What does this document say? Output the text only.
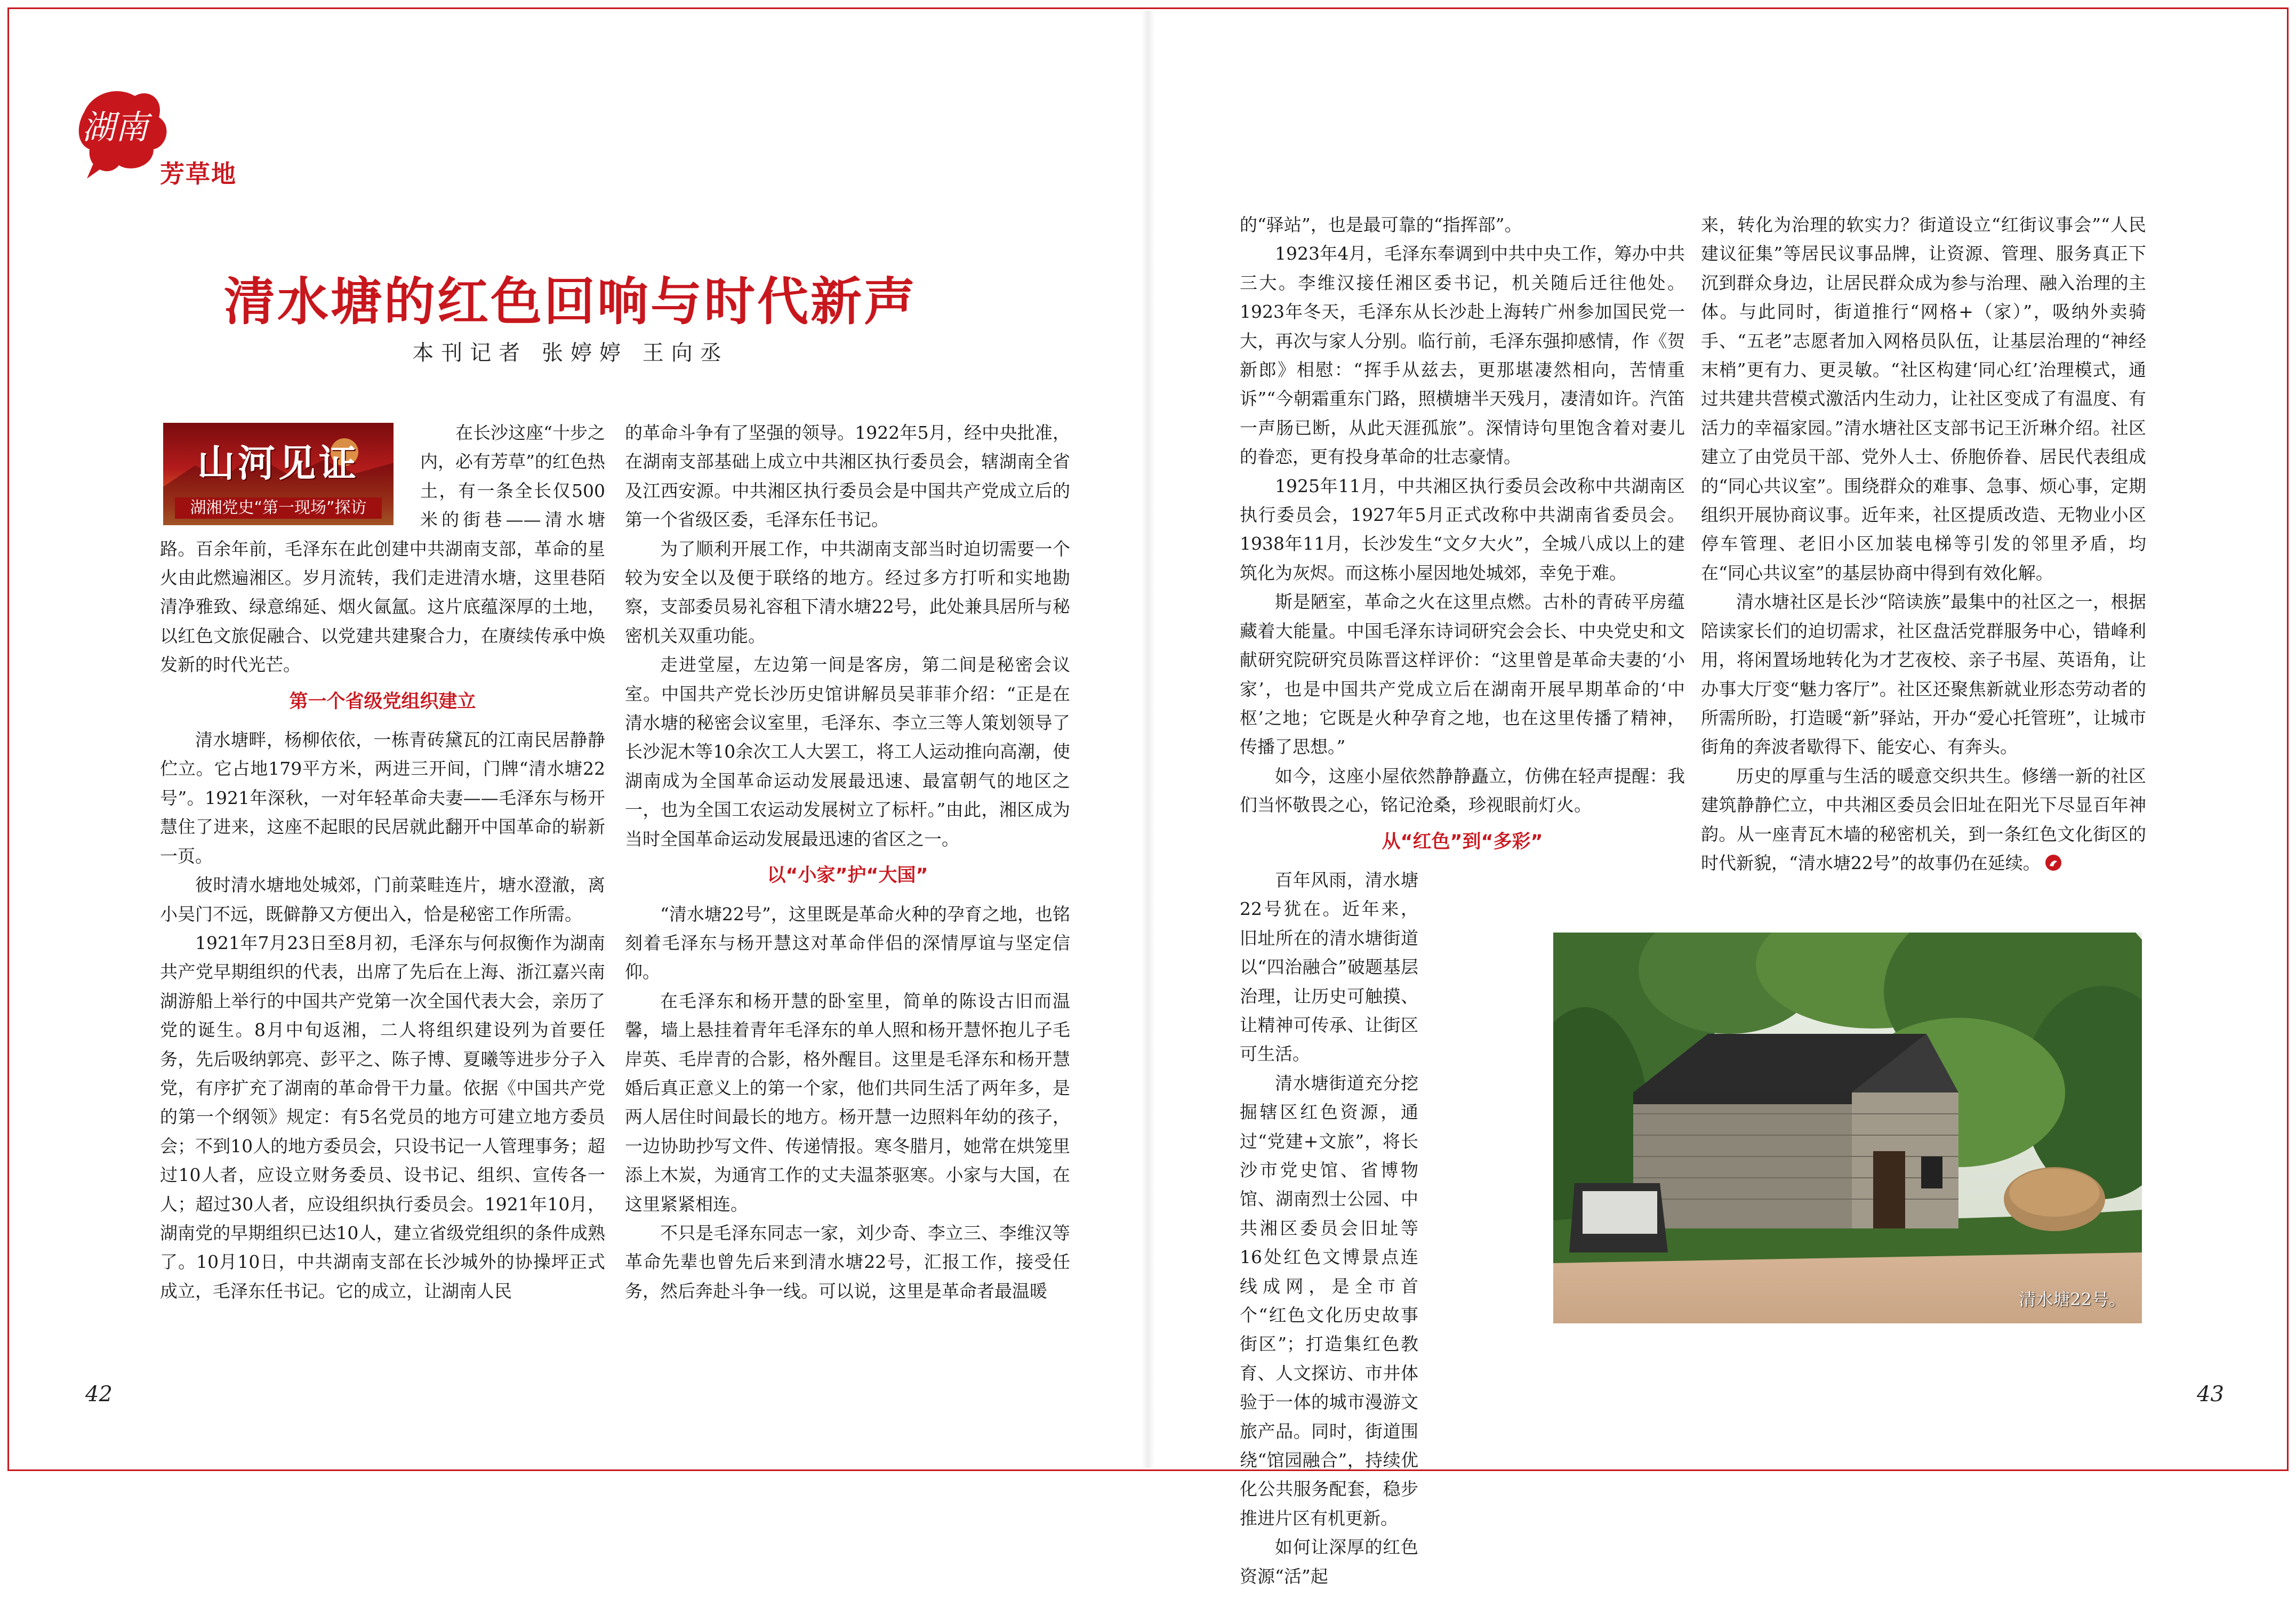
湖南
芳草地
清水塘的红色回响与时代新声
本刊记者 张婷婷 王向丞
山河见证
湖湘党史“第一现场”探访

在长沙这座“十步之内，必有芳草”的红色热土，有一条全长仅500米的街巷——清水塘路。百余年前，毛泽东在此创建中共湖南支部，革命的星火由此燃遍湘区。岁月流转，我们走进清水塘，这里巷陌清净雅致、绿意绵延、烟火氤氲。这片底蕴深厚的土地，以红色文旅促融合、以党建共建聚合力，在赓续传承中焕发新的时代光芒。

第一个省级党组织建立

清水塘畔，杨柳依依，一栋青砖黛瓦的江南民居静静伫立。它占地179平方米，两进三开间，门牌“清水塘22号”。1921年深秋，一对年轻革命夫妻——毛泽东与杨开慧住了进来，这座不起眼的民居就此翻开中国革命的崭新一页。

彼时清水塘地处城郊，门前菜畦连片，塘水澄澈，离小吴门不远，既僻静又方便出入，恰是秘密工作所需。

1921年7月23日至8月初，毛泽东与何叔衡作为湖南共产党早期组织的代表，出席了先后在上海、浙江嘉兴南湖游船上举行的中国共产党第一次全国代表大会，亲历了党的诞生。8月中旬返湘，二人将组织建设列为首要任务，先后吸纳郭亮、彭平之、陈子博、夏曦等进步分子入党，有序扩充了湖南的革命骨干力量。依据《中国共产党的第一个纲领》规定：有5名党员的地方可建立地方委员会；不到10人的地方委员会，只设书记一人管理事务；超过10人者，应设立财务委员、设书记、组织、宣传各一人；超过30人者，应设组织执行委员会。1921年10月，湖南党的早期组织已达10人，建立省级党组织的条件成熟了。10月10日，中共湖南支部在长沙城外的协操坪正式成立，毛泽东任书记。它的成立，让湖南人民

的革命斗争有了坚强的领导。1922年5月，经中央批准，在湖南支部基础上成立中共湘区执行委员会，辖湖南全省及江西安源。中共湘区执行委员会是中国共产党成立后的第一个省级区委，毛泽东任书记。

为了顺利开展工作，中共湖南支部当时迫切需要一个较为安全以及便于联络的地方。经过多方打听和实地勘察，支部委员易礼容租下清水塘22号，此处兼具居所与秘密机关双重功能。

走进堂屋，左边第一间是客房，第二间是秘密会议室。中国共产党长沙历史馆讲解员吴菲菲介绍：“正是在清水塘的秘密会议室里，毛泽东、李立三等人策划领导了长沙泥木等10余次工人大罢工，将工人运动推向高潮，使湖南成为全国革命运动发展最迅速、最富朝气的地区之一，也为全国工农运动发展树立了标杆。”由此，湘区成为当时全国革命运动发展最迅速的省区之一。

以“小家”护“大国”

“清水塘22号”，这里既是革命火种的孕育之地，也铭刻着毛泽东与杨开慧这对革命伴侣的深情厚谊与坚定信仰。

在毛泽东和杨开慧的卧室里，简单的陈设古旧而温馨，墙上悬挂着青年毛泽东的单人照和杨开慧怀抱儿子毛岸英、毛岸青的合影，格外醒目。这里是毛泽东和杨开慧婚后真正意义上的第一个家，他们共同生活了两年多，是两人居住时间最长的地方。杨开慧一边照料年幼的孩子，一边协助抄写文件、传递情报。寒冬腊月，她常在烘笼里添上木炭，为通宵工作的丈夫温茶驱寒。小家与大国，在这里紧紧相连。

不只是毛泽东同志一家，刘少奇、李立三、李维汉等革命先辈也曾先后来到清水塘22号，汇报工作，接受任务，然后奔赴斗争一线。可以说，这里是革命者最温暖

的“驿站”，也是最可靠的“指挥部”。

1923年4月，毛泽东奉调到中共中央工作，筹办中共三大。李维汉接任湘区委书记，机关随后迁往他处。1923年冬天，毛泽东从长沙赴上海转广州参加国民党一大，再次与家人分别。临行前，毛泽东强抑感情，作《贺新郎》相慰：“挥手从兹去，更那堪凄然相向，苦情重诉”“今朝霜重东门路，照横塘半天残月，凄清如许。汽笛一声肠已断，从此天涯孤旅”。深情诗句里饱含着对妻儿的眷恋，更有投身革命的壮志豪情。

1925年11月，中共湘区执行委员会改称中共湖南区执行委员会，1927年5月正式改称中共湖南省委员会。1938年11月，长沙发生“文夕大火”，全城八成以上的建筑化为灰烬。而这栋小屋因地处城郊，幸免于难。

斯是陋室，革命之火在这里点燃。古朴的青砖平房蕴藏着大能量。中国毛泽东诗词研究会会长、中央党史和文献研究院研究员陈晋这样评价：“这里曾是革命夫妻的‘小家’，也是中国共产党成立后在湖南开展早期革命的‘中枢’之地；它既是火种孕育之地，也在这里传播了精神，传播了思想。”

如今，这座小屋依然静静矗立，仿佛在轻声提醒：我们当怀敬畏之心，铭记沧桑，珍视眼前灯火。

从“红色”到“多彩”

百年风雨，清水塘22号犹在。近年来，旧址所在的清水塘街道以“四治融合”破题基层治理，让历史可触摸、让精神可传承、让街区可生活。

清水塘街道充分挖掘辖区红色资源，通过“党建+文旅”，将长沙市党史馆、省博物馆、湖南烈士公园、中共湘区委员会旧址等16处红色文博景点连线成网，是全市首个“红色文化历史故事街区”；打造集红色教育、人文探访、市井体验于一体的城市漫游文旅产品。同时，街道围绕“馆园融合”，持续优化公共服务配套，稳步推进片区有机更新。

如何让深厚的红色资源“活”起

来，转化为治理的软实力？街道设立“红街议事会”“人民建议征集”等居民议事品牌，让资源、管理、服务真正下沉到群众身边，让居民群众成为参与治理、融入治理的主体。与此同时，街道推行“网格+（家）”，吸纳外卖骑手、“五老”志愿者加入网格员队伍，让基层治理的“神经末梢”更有力、更灵敏。“社区构建‘同心红’治理模式，通过共建共营模式激活内生动力，让社区变成了有温度、有活力的幸福家园。”清水塘社区支部书记王沂琳介绍。社区建立了由党员干部、党外人士、侨胞侨眷、居民代表组成的“同心共议室”。围绕群众的难事、急事、烦心事，定期组织开展协商议事。近年来，社区提质改造、无物业小区停车管理、老旧小区加装电梯等引发的邻里矛盾，均在“同心共议室”的基层协商中得到有效化解。

清水塘社区是长沙“陪读族”最集中的社区之一，根据陪读家长们的迫切需求，社区盘活党群服务中心，错峰利用，将闲置场地转化为才艺夜校、亲子书屋、英语角，让办事大厅变“魅力客厅”。社区还聚焦新就业形态劳动者的所需所盼，打造暖“新”驿站，开办“爱心托管班”，让城市街角的奔波者歇得下、能安心、有奔头。

历史的厚重与生活的暖意交织共生。修缮一新的社区建筑静静伫立，中共湘区委员会旧址在阳光下尽显百年神韵。从一座青瓦木墙的秘密机关，到一条红色文化街区的时代新貌，“清水塘22号”的故事仍在延续。

清水塘22号。
42	43
